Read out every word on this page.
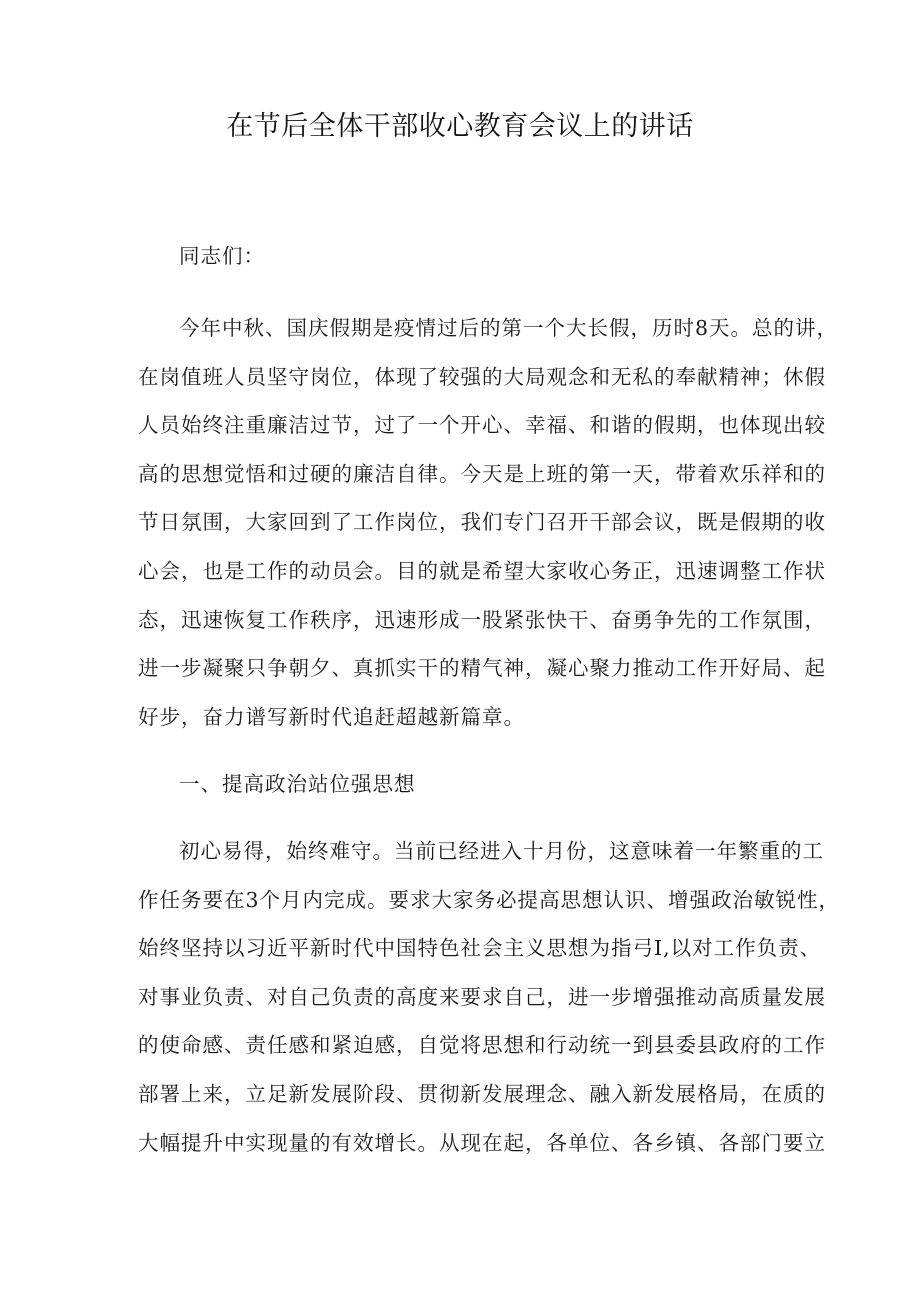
在节后全体干部收心教育会议上的讲话

同志们：

今年中秋、国庆假期是疫情过后的第一个大长假，历时8天。总的讲，
在岗值班人员坚守岗位，体现了较强的大局观念和无私的奉献精神；休假
人员始终注重廉洁过节，过了一个开心、幸福、和谐的假期，也体现出较
高的思想觉悟和过硬的廉洁自律。今天是上班的第一天，带着欢乐祥和的
节日氛围，大家回到了工作岗位，我们专门召开干部会议，既是假期的收
心会，也是工作的动员会。目的就是希望大家收心务正，迅速调整工作状
态，迅速恢复工作秩序，迅速形成一股紧张快干、奋勇争先的工作氛围，
进一步凝聚只争朝夕、真抓实干的精气神，凝心聚力推动工作开好局、起
好步，奋力谱写新时代追赶超越新篇章。

一、提高政治站位强思想

初心易得，始终难守。当前已经进入十月份，这意味着一年繁重的工
作任务要在3个月内完成。要求大家务必提高思想认识、增强政治敏锐性，
始终坚持以习近平新时代中国特色社会主义思想为指弓I,以对工作负责、
对事业负责、对自己负责的高度来要求自己，进一步增强推动高质量发展
的使命感、责任感和紧迫感，自觉将思想和行动统一到县委县政府的工作
部署上来，立足新发展阶段、贯彻新发展理念、融入新发展格局，在质的
大幅提升中实现量的有效增长。从现在起，各单位、各乡镇、各部门要立
